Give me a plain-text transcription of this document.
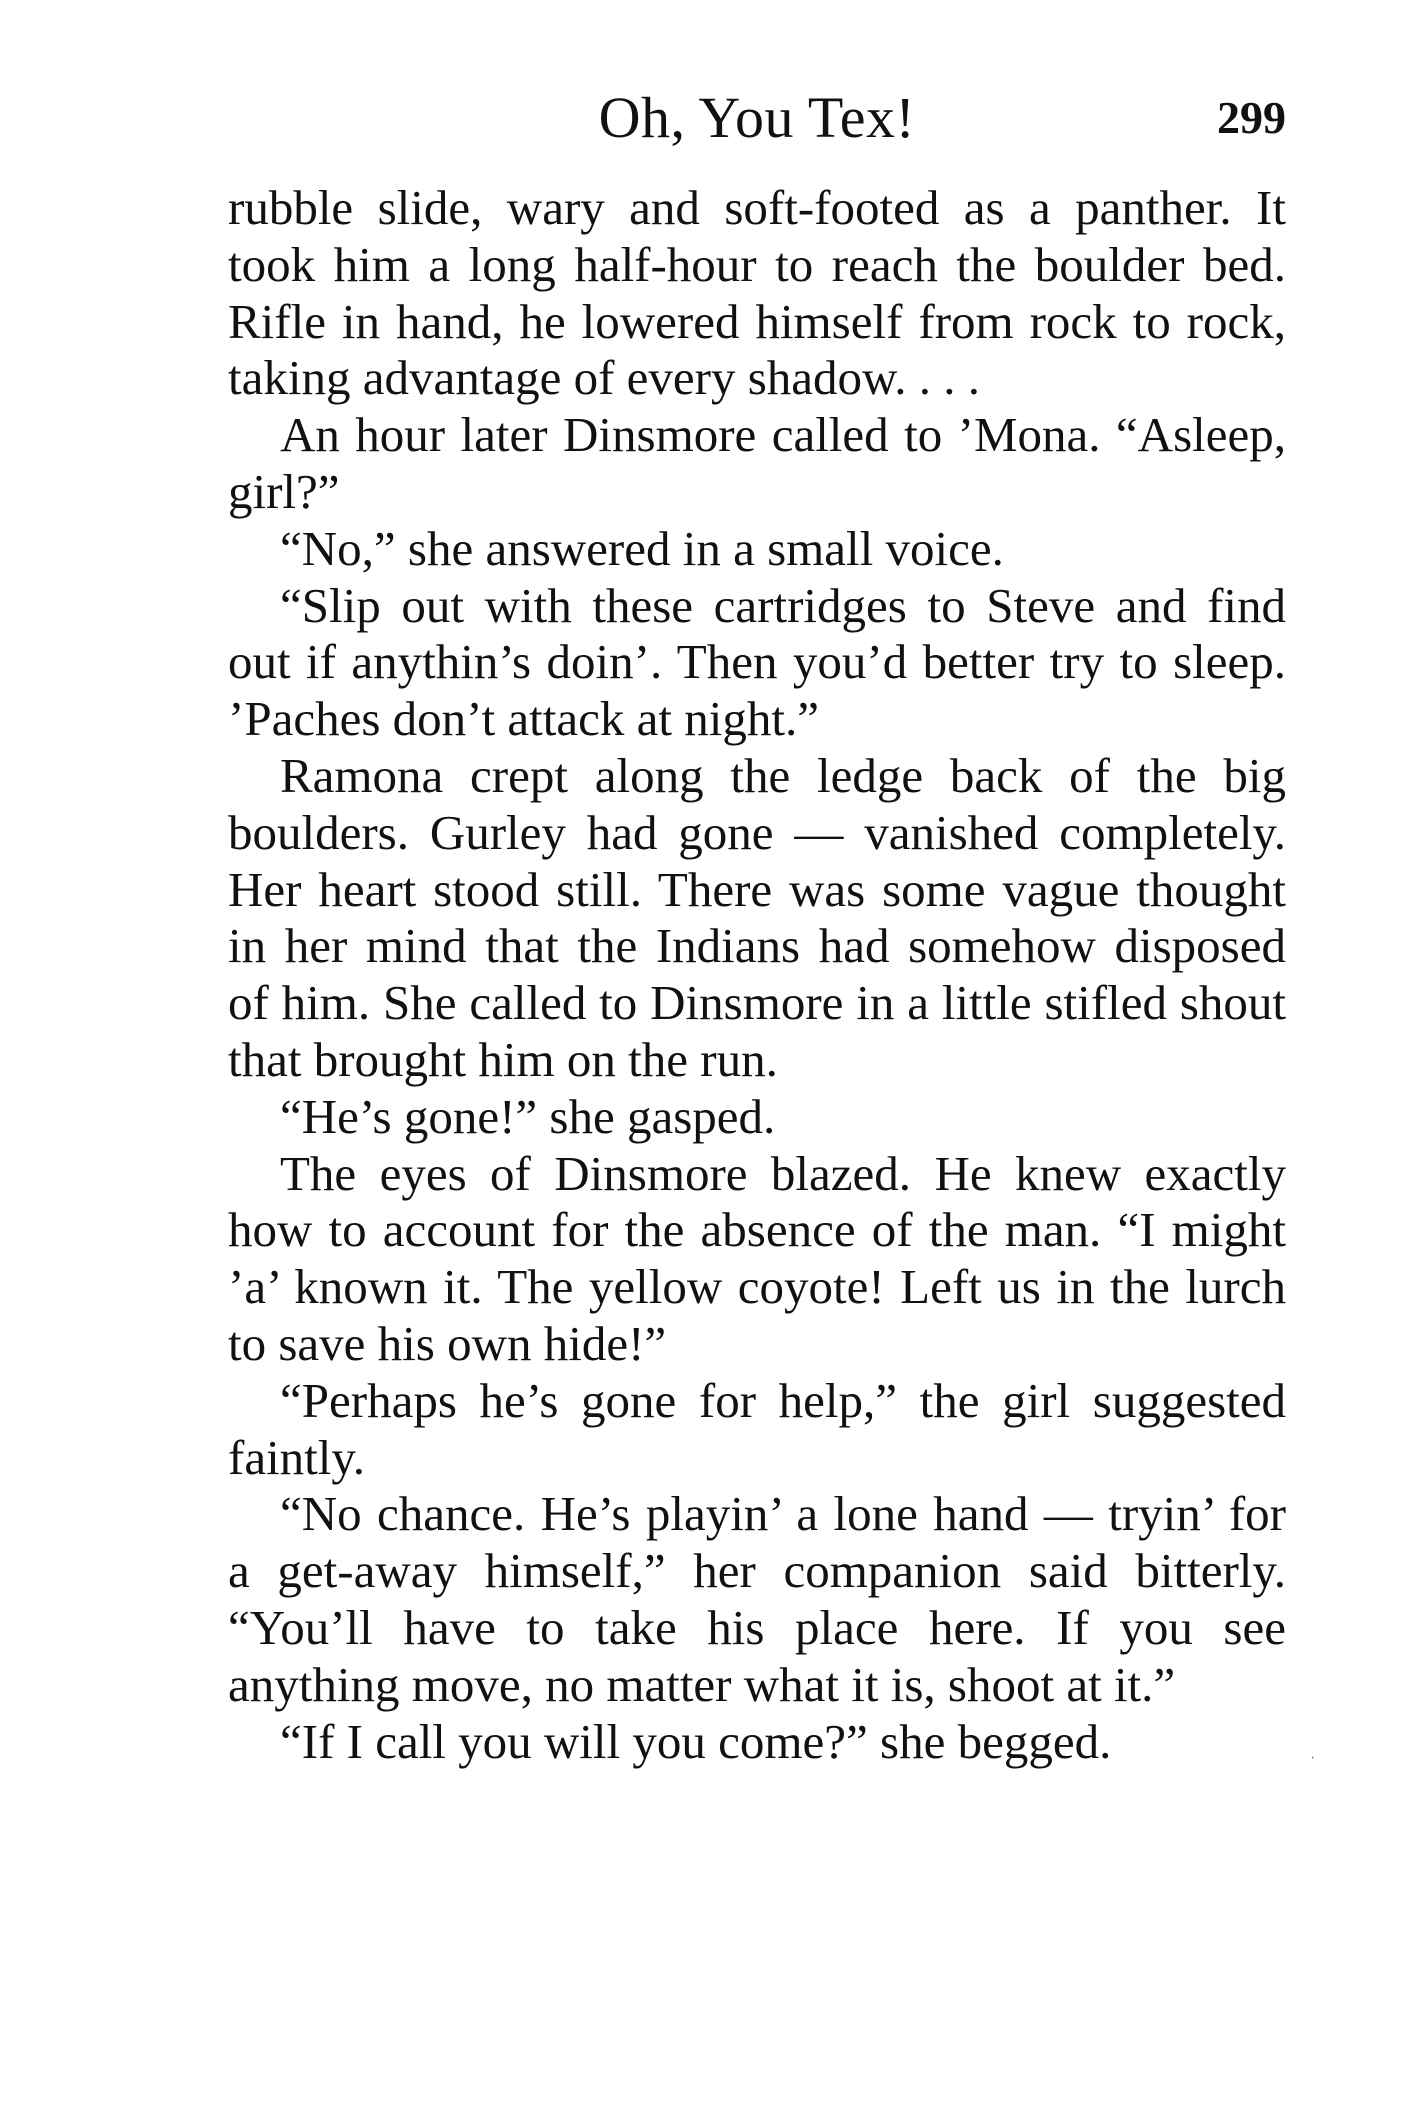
Oh, You Tex!	299

rubble slide, wary and soft-footed as a panther. It took him a long half-hour to reach the boulder bed. Rifle in hand, he lowered himself from rock to rock, taking advantage of every shadow. . . .

An hour later Dinsmore called to ’Mona. “Asleep, girl?”

“No,” she answered in a small voice.

“Slip out with these cartridges to Steve and find out if anythin’s doin’. Then you’d better try to sleep. ’Paches don’t attack at night.”

Ramona crept along the ledge back of the big boulders. Gurley had gone — vanished completely. Her heart stood still. There was some vague thought in her mind that the Indians had somehow disposed of him. She called to Dinsmore in a little stifled shout that brought him on the run.

“He’s gone!” she gasped.

The eyes of Dinsmore blazed. He knew exactly how to account for the absence of the man. “I might ’a’ known it. The yellow coyote! Left us in the lurch to save his own hide!”

“Perhaps he’s gone for help,” the girl suggested faintly.

“No chance. He’s playin’ a lone hand — tryin’ for a get-away himself,” her companion said bitterly. “You’ll have to take his place here. If you see anything move, no matter what it is, shoot at it.”

“If I call you will you come?” she begged.	·
